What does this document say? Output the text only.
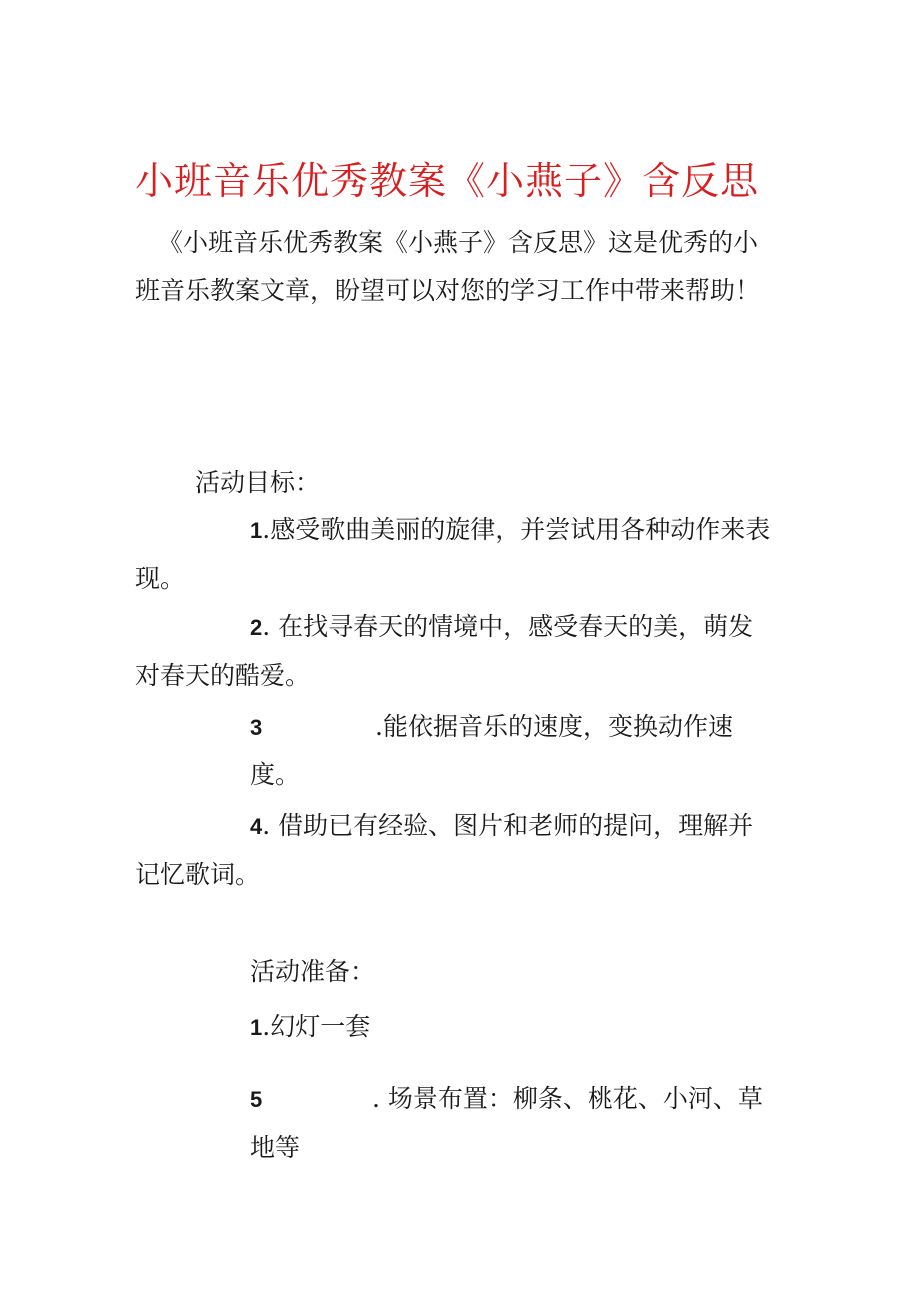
小班音乐优秀教案《小燕子》含反思
《小班音乐优秀教案《小燕子》含反思》这是优秀的小
班音乐教案文章，盼望可以对您的学习工作中带来帮助！
活动目标：
1.感受歌曲美丽的旋律，并尝试用各种动作来表
现。
2. 在找寻春天的情境中，感受春天的美，萌发
对春天的酷爱。
3	.能依据音乐的速度，变换动作速
度。
4. 借助已有经验、图片和老师的提问，理解并
记忆歌词。
活动准备：
1.幻灯一套
5	. 场景布置：柳条、桃花、小河、草
地等
